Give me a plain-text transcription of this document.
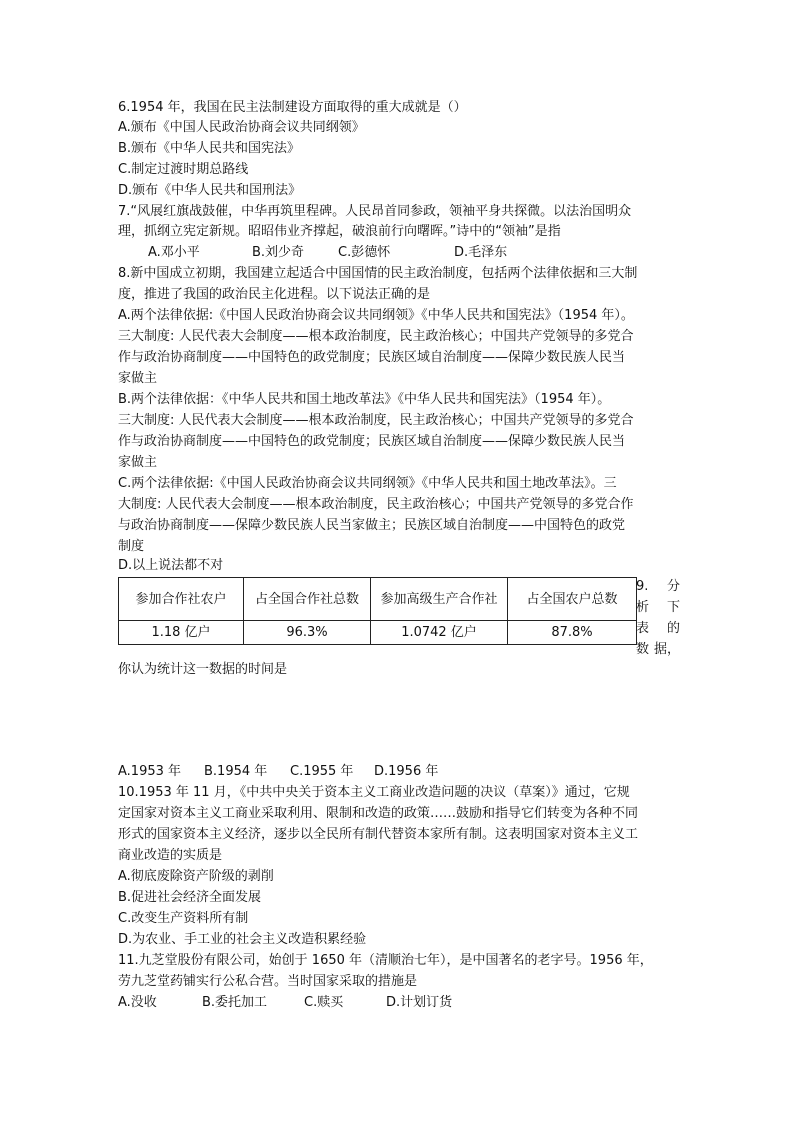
6.1954 年，我国在民主法制建设方面取得的重大成就是（）
A.颁布《中国人民政治协商会议共同纲领》
B.颁布《中华人民共和国宪法》
C.制定过渡时期总路线
D.颁布《中华人民共和国刑法》
7.“风展红旗战鼓催，中华再筑里程碑。人民昂首同参政，领袖平身共探微。以法治国明众
理，抓纲立宪定新规。昭昭伟业齐撑起，破浪前行向曙晖。”诗中的“领袖”是指
A.邓小平	B.刘少奇	C.彭德怀	D.毛泽东
8.新中国成立初期，我国建立起适合中国国情的民主政治制度，包括两个法律依据和三大制
度，推进了我国的政治民主化进程。以下说法正确的是
A.两个法律依据:《中国人民政治协商会议共同纲领》《中华人民共和国宪法》（1954 年）。
三大制度: 人民代表大会制度——根本政治制度，民主政治核心；中国共产党领导的多党合
作与政治协商制度——中国特色的政党制度；民族区域自治制度——保障少数民族人民当
家做主
B.两个法律依据：《中华人民共和国土地改革法》《中华人民共和国宪法》（1954 年）。
三大制度: 人民代表大会制度——根本政治制度，民主政治核心；中国共产党领导的多党合
作与政治协商制度——中国特色的政党制度；民族区域自治制度——保障少数民族人民当
家做主
C.两个法律依据:《中国人民政治协商会议共同纲领》《中华人民共和国土地改革法》。三
大制度: 人民代表大会制度——根本政治制度，民主政治核心；中国共产党领导的多党合作
与政治协商制度——保障少数民族人民当家做主；民族区域自治制度——中国特色的政党
制度
D.以上说法都不对
参加合作社农户	占全国合作社总数	参加高级生产合作社	占全国农户总数
1.18 亿户	96.3%	1.0742 亿户	87.8%
9. 分
析 下
表 的
数 据，
你认为统计这一数据的时间是
A.1953 年 B.1954 年 C.1955 年 D.1956 年
10.1953 年 11 月，《中共中央关于资本主义工商业改造问题的决议（草案）》通过，它规
定国家对资本主义工商业采取利用、限制和改造的政策……鼓励和指导它们转变为各种不同
形式的国家资本主义经济，逐步以全民所有制代替资本家所有制。这表明国家对资本主义工
商业改造的实质是
A.彻底废除资产阶级的剥削
B.促进社会经济全面发展
C.改变生产资料所有制
D.为农业、手工业的社会主义改造积累经验
11.九芝堂股份有限公司，始创于 1650 年（清顺治七年），是中国著名的老字号。1956 年，
劳九芝堂药铺实行公私合营。当时国家采取的措施是
A.没收	B.委托加工	C.赎买	D.计划订货
